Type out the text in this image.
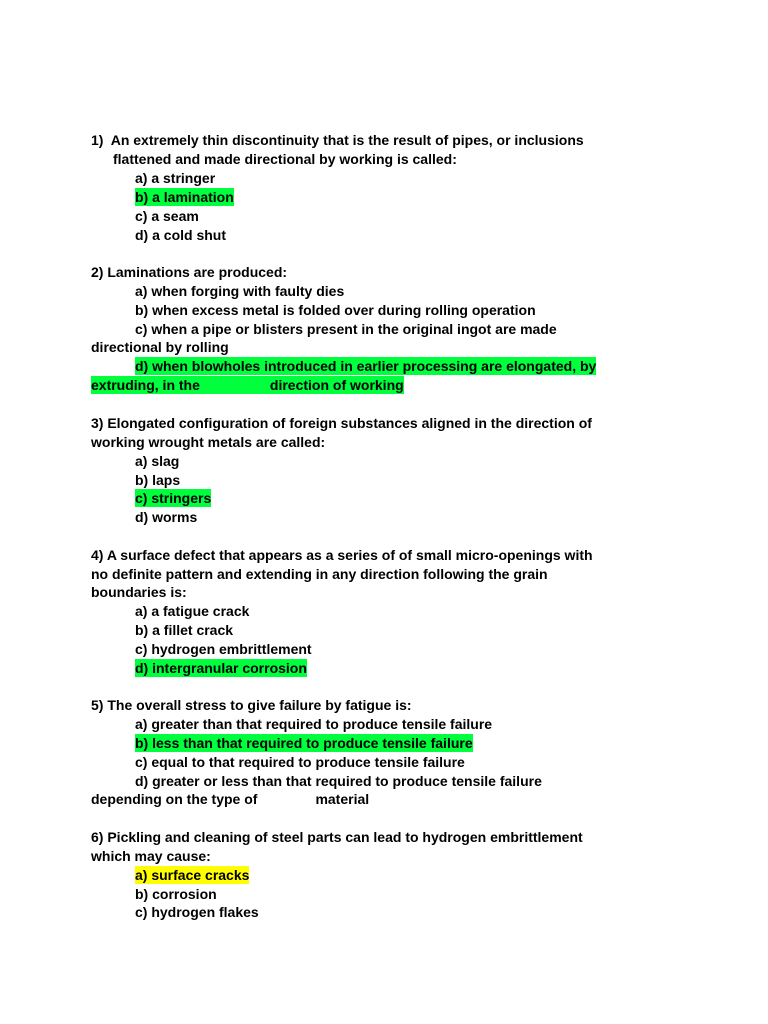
1)  An extremely thin discontinuity that is the result of pipes, or inclusions
flattened and made directional by working is called:
a) a stringer
b) a lamination
c) a seam
d) a cold shut
2) Laminations are produced:
a) when forging with faulty dies
b) when excess metal is folded over during rolling operation
c) when a pipe or blisters present in the original ingot are made
directional by rolling
d) when blowholes introduced in earlier processing are elongated, by
extruding, in the	direction of working
3) Elongated configuration of foreign substances aligned in the direction of
working wrought metals are called:
a) slag
b) laps
c) stringers
d) worms
4) A surface defect that appears as a series of of small micro-openings with
no definite pattern and extending in any direction following the grain
boundaries is:
a) a fatigue crack
b) a fillet crack
c) hydrogen embrittlement
d) intergranular corrosion
5) The overall stress to give failure by fatigue is:
a) greater than that required to produce tensile failure
b) less than that required to produce tensile failure
c) equal to that required to produce tensile failure
d) greater or less than that required to produce tensile failure
depending on the type of	material
6) Pickling and cleaning of steel parts can lead to hydrogen embrittlement
which may cause:
a) surface cracks
b) corrosion
c) hydrogen flakes
